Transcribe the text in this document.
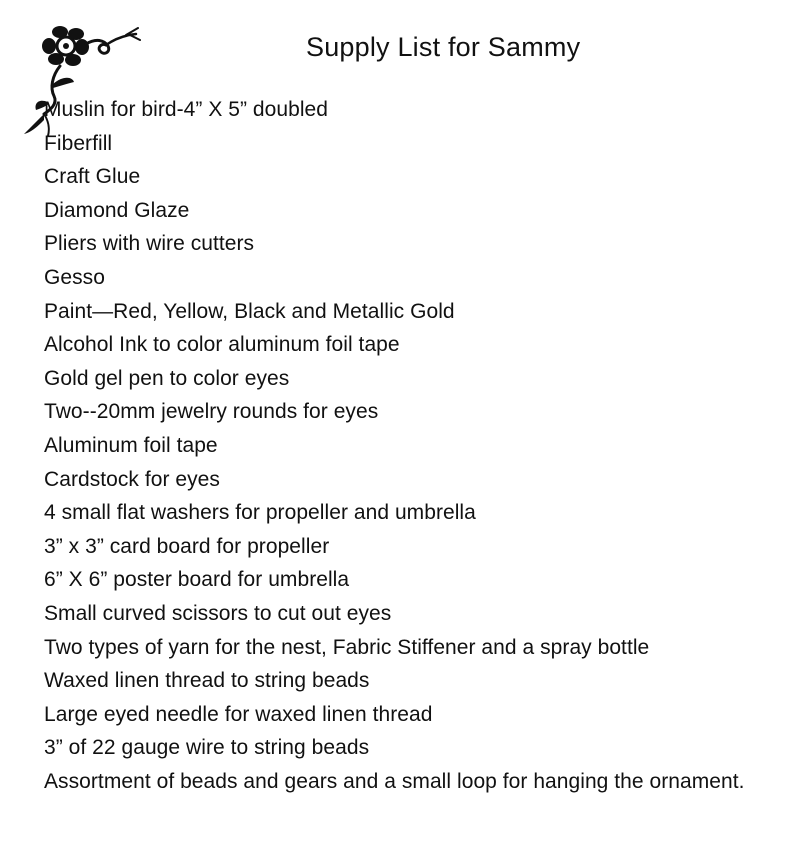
Supply List for Sammy
Muslin for bird-4” X 5” doubled
Fiberfill
Craft Glue
Diamond Glaze
Pliers with wire cutters
Gesso
Paint—Red, Yellow, Black and Metallic Gold
Alcohol Ink to color aluminum foil tape
Gold gel pen to color eyes
Two--20mm jewelry rounds for eyes
Aluminum foil tape
Cardstock for eyes
4 small flat washers for propeller and umbrella
3” x 3” card board for propeller
6” X 6” poster board for umbrella
Small curved scissors to cut out eyes
Two types of yarn for the nest, Fabric Stiffener and a spray bottle
Waxed linen thread to string beads
Large eyed needle for waxed linen thread
3” of 22 gauge wire to string beads
Assortment of beads and gears and a small loop for hanging the ornament.
